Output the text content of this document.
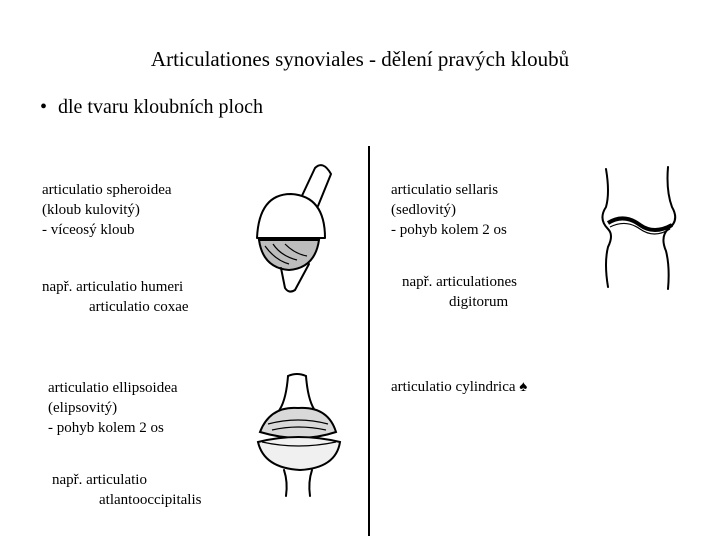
Articulationes synoviales - dělení pravých kloubů
• dle tvaru kloubních ploch
articulatio spheroidea
(kloub kulovitý)
- víceosý kloub
např. articulatio humeri
articulatio coxae
articulatio ellipsoidea
(elipsovitý)
- pohyb kolem 2 os
např. articulatio
atlantooccipitalis
articulatio sellaris
(sedlovitý)
- pohyb kolem 2 os
např. articulationes
digitorum
articulatio cylindrica ♠
